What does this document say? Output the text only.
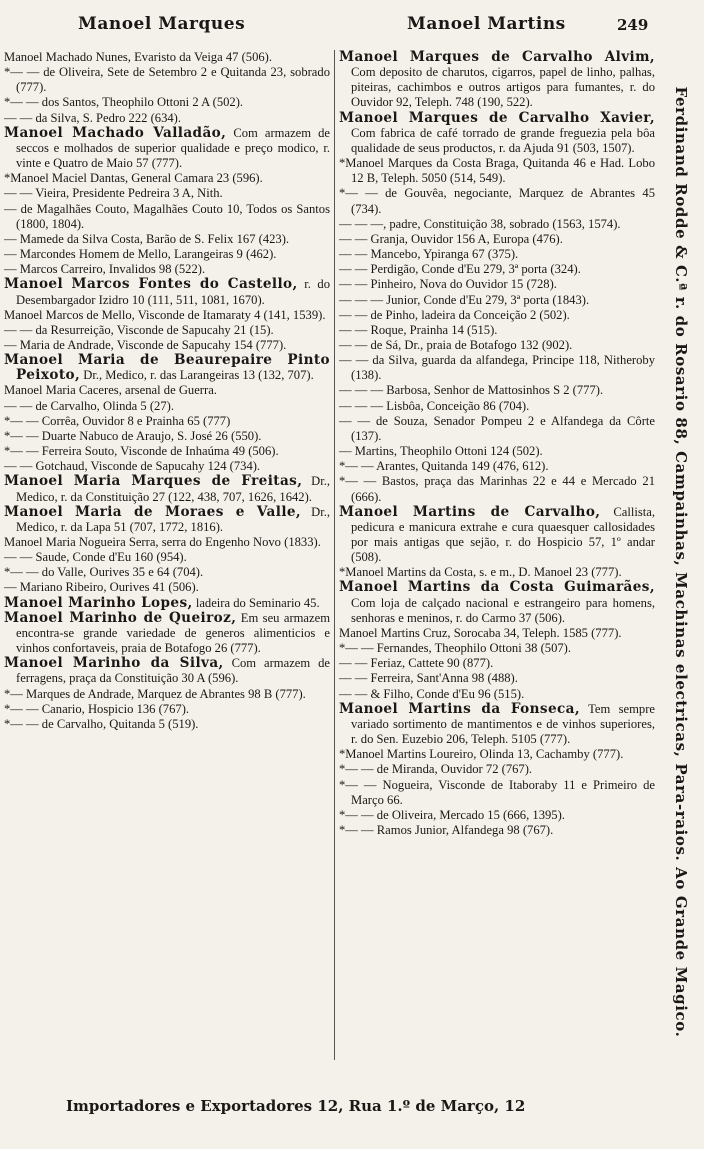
Manoel Marques	Manoel Martins	249

Manoel Machado Nunes, Evaristo da Veiga 47 (506).

*— — de Oliveira, Sete de Setembro 2 e Quitanda 23, sobrado (777).

*— — dos Santos, Theophilo Ottoni 2 A (502).

— — da Silva, S. Pedro 222 (634).

Manoel Machado Valladão, Com armazem de seccos e molhados de superior qualidade e preço modico, r. vinte e Quatro de Maio 57 (777).

*Manoel Maciel Dantas, General Camara 23 (596).

— — Vieira, Presidente Pedreira 3 A, Nith.

— de Magalhães Couto, Magalhães Couto 10, Todos os Santos (1800, 1804).

— Mamede da Silva Costa, Barão de S. Felix 167 (423).

— Marcondes Homem de Mello, Larangeiras 9 (462).

— Marcos Carreiro, Invalidos 98 (522).

Manoel Marcos Fontes do Castello, r. do Desembargador Izidro 10 (111, 511, 1081, 1670).

Manoel Marcos de Mello, Visconde de Itamaraty 4 (141, 1539).

— — da Resurreição, Visconde de Sapucahy 21 (15).

— Maria de Andrade, Visconde de Sapucahy 154 (777).

Manoel Maria de Beaurepaire Pinto Peixoto, Dr., Medico, r. das Larangeiras 13 (132, 707).

Manoel Maria Caceres, arsenal de Guerra.

— — de Carvalho, Olinda 5 (27).

*— — Corrêa, Ouvidor 8 e Prainha 65 (777)

*— — Duarte Nabuco de Araujo, S. José 26 (550).

*— — Ferreira Souto, Visconde de Inhaúma 49 (506).

— — Gotchaud, Visconde de Sapucahy 124 (734).

Manoel Maria Marques de Freitas, Dr., Medico, r. da Constituição 27 (122, 438, 707, 1626, 1642).

Manoel Maria de Moraes e Valle, Dr., Medico, r. da Lapa 51 (707, 1772, 1816).

Manoel Maria Nogueira Serra, serra do Engenho Novo (1833).

— — Saude, Conde d'Eu 160 (954).

*— — do Valle, Ourives 35 e 64 (704).

— Mariano Ribeiro, Ourives 41 (506).

Manoel Marinho Lopes, ladeira do Seminario 45.

Manoel Marinho de Queiroz, Em seu armazem encontra-se grande variedade de generos alimenticios e vinhos confortaveis, praia de Botafogo 26 (777).

Manoel Marinho da Silva, Com armazem de ferragens, praça da Constituição 30 A (596).

*— Marques de Andrade, Marquez de Abrantes 98 B (777).

*— — Canario, Hospicio 136 (767).

*— — de Carvalho, Quitanda 5 (519).

Manoel Marques de Carvalho Alvim, Com deposito de charutos, cigarros, papel de linho, palhas, piteiras, cachimbos e outros artigos para fumantes, r. do Ouvidor 92, Teleph. 748 (190, 522).

Manoel Marques de Carvalho Xavier, Com fabrica de café torrado de grande freguezia pela bôa qualidade de seus productos, r. da Ajuda 91 (503, 1507).

*Manoel Marques da Costa Braga, Quitanda 46 e Had. Lobo 12 B, Teleph. 5050 (514, 549).

*— — de Gouvêa, negociante, Marquez de Abrantes 45 (734).

— — —, padre, Constituição 38, sobrado (1563, 1574).

— — Granja, Ouvidor 156 A, Europa (476).

— — Mancebo, Ypiranga 67 (375).

— — Perdigão, Conde d'Eu 279, 3ª porta (324).

— — Pinheiro, Nova do Ouvidor 15 (728).

— — — Junior, Conde d'Eu 279, 3ª porta (1843).

— — de Pinho, ladeira da Conceição 2 (502).

— — Roque, Prainha 14 (515).

— — de Sá, Dr., praia de Botafogo 132 (902).

— — da Silva, guarda da alfandega, Principe 118, Nitheroby (138).

— — — Barbosa, Senhor de Mattosinhos S 2 (777).

— — — Lisbôa, Conceição 86 (704).

— — de Souza, Senador Pompeu 2 e Alfandega da Côrte (137).

— Martins, Theophilo Ottoni 124 (502).

*— — Arantes, Quitanda 149 (476, 612).

*— — Bastos, praça das Marinhas 22 e 44 e Mercado 21 (666).

Manoel Martins de Carvalho, Callista, pedicura e manicura extrahe e cura quaesquer callosidades por mais antigas que sejão, r. do Hospicio 57, 1º andar (508).

*Manoel Martins da Costa, s. e m., D. Manoel 23 (777).

Manoel Martins da Costa Guimarães, Com loja de calçado nacional e estrangeiro para homens, senhoras e meninos, r. do Carmo 37 (506).

Manoel Martins Cruz, Sorocaba 34, Teleph. 1585 (777).

*— — Fernandes, Theophilo Ottoni 38 (507).

— — Feriaz, Cattete 90 (877).

— — Ferreira, Sant'Anna 98 (488).

— — & Filho, Conde d'Eu 96 (515).

Manoel Martins da Fonseca, Tem sempre variado sortimento de mantimentos e de vinhos superiores, r. do Sen. Euzebio 206, Teleph. 5105 (777).

*Manoel Martins Loureiro, Olinda 13, Cachamby (777).

*— — de Miranda, Ouvidor 72 (767).

*— — Nogueira, Visconde de Itaboraby 11 e Primeiro de Março 66.

*— — de Oliveira, Mercado 15 (666, 1395).

*— — Ramos Junior, Alfandega 98 (767).	Ferdinand Rodde & C.ª r. do Rosario 88, Campainhas, Machinas electricas, Para-raios. Ao Grande Magico.
Importadores e Exportadores 12, Rua 1.º de Março, 12
